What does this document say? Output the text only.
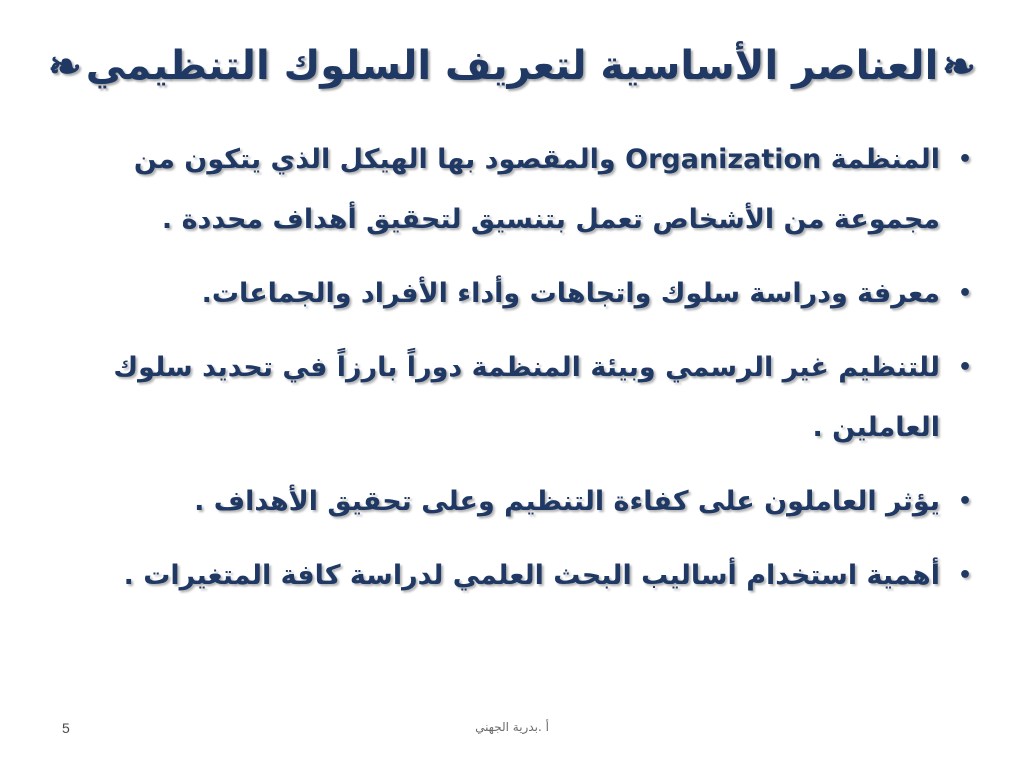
❧
العناصر الأساسية لتعريف السلوك التنظيمي
❧
•
المنظمة Organization والمقصود بها الهيكل الذي يتكون من مجموعة من الأشخاص تعمل بتنسيق لتحقيق أهداف محددة .
•
معرفة ودراسة سلوك واتجاهات وأداء الأفراد والجماعات.
•
للتنظيم غير الرسمي وبيئة المنظمة دوراً بارزاً في تحديد سلوك العاملين .
•
يؤثر العاملون على كفاءة التنظيم وعلى تحقيق الأهداف .
•
أهمية استخدام أساليب البحث العلمي لدراسة كافة المتغيرات .
5	أ .بدرية الجهني
